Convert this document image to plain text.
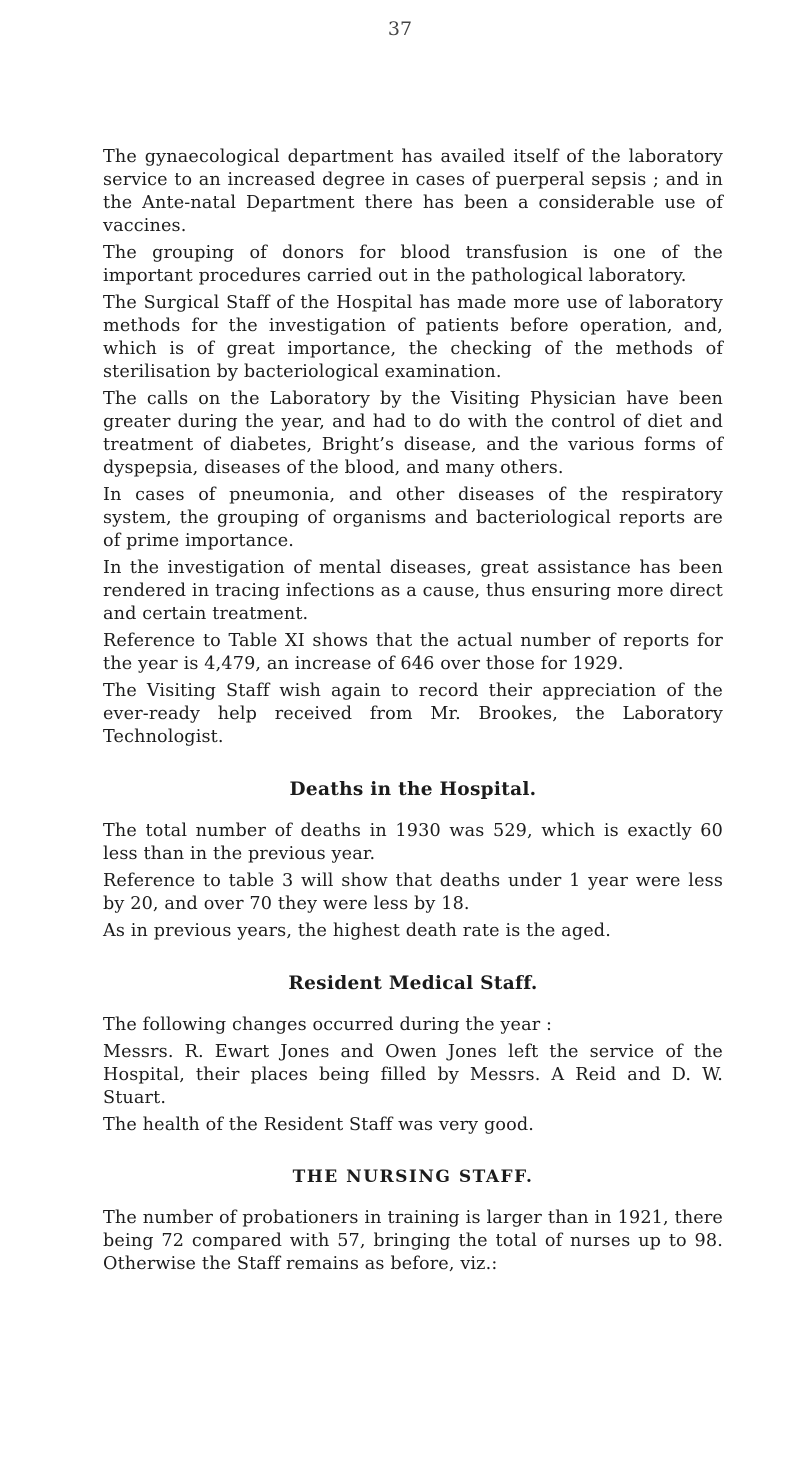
37

The gynaecological department has availed itself of the laboratory service to an increased degree in cases of puerperal sepsis ; and in the Ante-natal Department there has been a considerable use of vaccines.

The grouping of donors for blood transfusion is one of the important procedures carried out in the pathological laboratory.

The Surgical Staff of the Hospital has made more use of laboratory methods for the investigation of patients before operation, and, which is of great importance, the checking of the methods of sterilisation by bacteriological examination.

The calls on the Laboratory by the Visiting Physician have been greater during the year, and had to do with the control of diet and treatment of diabetes, Bright’s disease, and the various forms of dyspepsia, diseases of the blood, and many others.

In cases of pneumonia, and other diseases of the respiratory system, the grouping of organisms and bacteriological reports are of prime importance.

In the investigation of mental diseases, great assistance has been rendered in tracing infections as a cause, thus ensuring more direct and certain treatment.

Reference to Table XI shows that the actual number of reports for the year is 4,479, an increase of 646 over those for 1929.

The Visiting Staff wish again to record their appreciation of the ever-ready help received from Mr. Brookes, the Laboratory Technologist.

Deaths in the Hospital.

The total number of deaths in 1930 was 529, which is exactly 60 less than in the previous year.

Reference to table 3 will show that deaths under 1 year were less by 20, and over 70 they were less by 18.

As in previous years, the highest death rate is the aged.

Resident Medical Staff.

The following changes occurred during the year :

Messrs. R. Ewart Jones and Owen Jones left the service of the Hospital, their places being filled by Messrs. A Reid and D. W. Stuart.

The health of the Resident Staff was very good.

THE NURSING STAFF.

The number of probationers in training is larger than in 1921, there being 72 compared with 57, bringing the total of nurses up to 98. Otherwise the Staff remains as before, viz.:
